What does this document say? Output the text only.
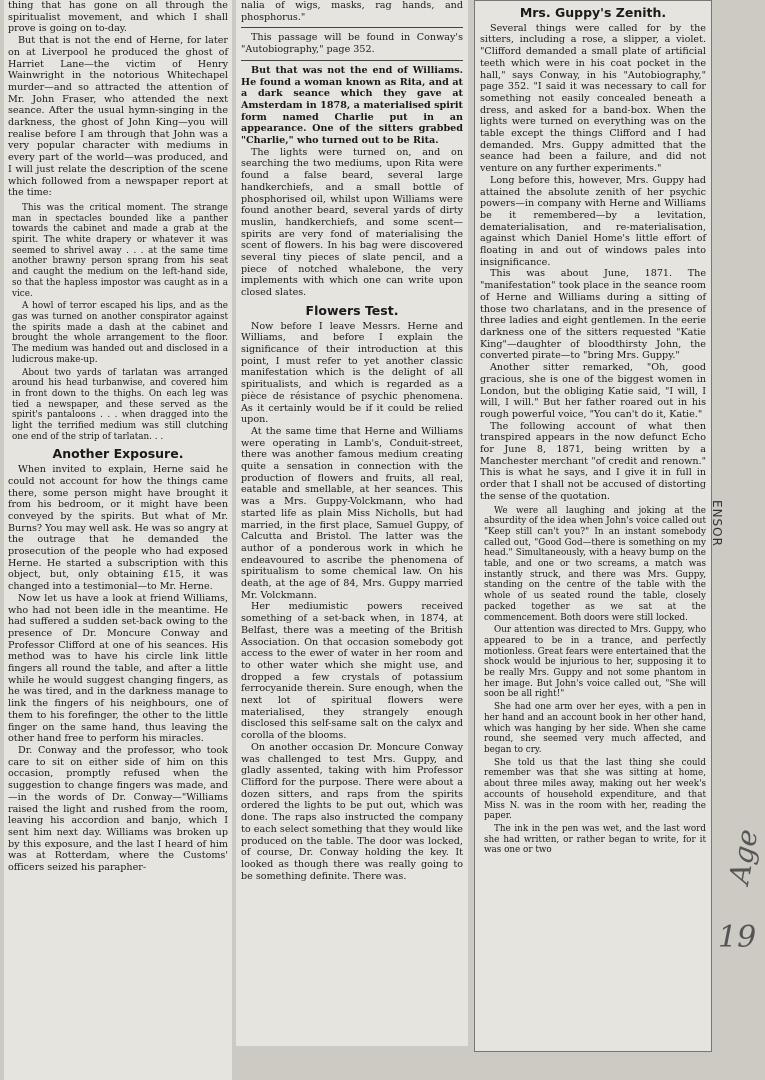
thing that has gone on all through the spiritualist movement, and which I shall prove is going on to-day.

But that is not the end of Herne, for later on at Liverpool he produced the ghost of Harriet Lane—the victim of Henry Wainwright in the notorious Whitechapel murder—and so attracted the attention of Mr. John Fraser, who attended the next seance. After the usual hymn-singing in the darkness, the ghost of John King—you will realise before I am through that John was a very popular character with mediums in every part of the world—was produced, and I will just relate the description of the scene which followed from a newspaper report at the time:

This was the critical moment. The strange man in spectacles bounded like a panther towards the cabinet and made a grab at the spirit. The white drapery or whatever it was seemed to shrivel away . . . at the same time another brawny person sprang from his seat and caught the medium on the left-hand side, so that the hapless impostor was caught as in a vice.

A howl of terror escaped his lips, and as the gas was turned on another conspirator against the spirits made a dash at the cabinet and brought the whole arrangement to the floor. The medium was handed out and disclosed in a ludicrous make-up.

About two yards of tarlatan was arranged around his head turbanwise, and covered him in front down to the thighs. On each leg was tied a newspaper, and these served as the spirit's pantaloons . . . when dragged into the light the terrified medium was still clutching one end of the strip of tarlatan. . .

Another Exposure.

When invited to explain, Herne said he could not account for how the things came there, some person might have brought it from his bedroom, or it might have been conveyed by the spirits. But what of Mr. Burns? You may well ask. He was so angry at the outrage that he demanded the prosecution of the people who had exposed Herne. He started a subscription with this object, but, only obtaining £15, it was changed into a testimonial—to Mr. Herne.

Now let us have a look at friend Williams, who had not been idle in the meantime. He had suffered a sudden set-back owing to the presence of Dr. Moncure Conway and Professor Clifford at one of his seances. His method was to have his circle link little fingers all round the table, and after a little while he would suggest changing fingers, as he was tired, and in the darkness manage to link the fingers of his neighbours, one of them to his forefinger, the other to the little finger on the same hand, thus leaving the other hand free to perform his miracles.

Dr. Conway and the professor, who took care to sit on either side of him on this occasion, promptly refused when the suggestion to change fingers was made, and—in the words of Dr. Conway—"Williams raised the light and rushed from the room, leaving his accordion and banjo, which I sent him next day. Williams was broken up by this exposure, and the last I heard of him was at Rotterdam, where the Customs' officers seized his parapher-

nalia of wigs, masks, rag hands, and phosphorus."

This passage will be found in Conway's "Autobiography," page 352.

But that was not the end of Williams. He found a woman known as Rita, and at a dark seance which they gave at Amsterdam in 1878, a materialised spirit form named Charlie put in an appearance. One of the sitters grabbed "Charlie," who turned out to be Rita.

The lights were turned on, and on searching the two mediums, upon Rita were found a false beard, several large handkerchiefs, and a small bottle of phosphorised oil, whilst upon Williams were found another beard, several yards of dirty muslin, handkerchiefs, and some scent—spirits are very fond of materialising the scent of flowers. In his bag were discovered several tiny pieces of slate pencil, and a piece of notched whalebone, the very implements with which one can write upon closed slates.

Flowers Test.

Now before I leave Messrs. Herne and Williams, and before I explain the significance of their introduction at this point, I must refer to yet another classic manifestation which is the delight of all spiritualists, and which is regarded as a pièce de résistance of psychic phenomena. As it certainly would be if it could be relied upon.

At the same time that Herne and Williams were operating in Lamb's, Conduit-street, there was another famous medium creating quite a sensation in connection with the production of flowers and fruits, all real, eatable and smellable, at her seances. This was a Mrs. Guppy-Volckmann, who had started life as plain Miss Nicholls, but had married, in the first place, Samuel Guppy, of Calcutta and Bristol. The latter was the author of a ponderous work in which he endeavoured to ascribe the phenomena of spiritualism to some chemical law. On his death, at the age of 84, Mrs. Guppy married Mr. Volckmann.

Her mediumistic powers received something of a set-back when, in 1874, at Belfast, there was a meeting of the British Association. On that occasion somebody got access to the ewer of water in her room and to other water which she might use, and dropped a few crystals of potassium ferrocyanide therein. Sure enough, when the next lot of spiritual flowers were materialised, they strangely enough disclosed this self-same salt on the calyx and corolla of the blooms.

On another occasion Dr. Moncure Conway was challenged to test Mrs. Guppy, and gladly assented, taking with him Professor Clifford for the purpose. There were about a dozen sitters, and raps from the spirits ordered the lights to be put out, which was done. The raps also instructed the company to each select something that they would like produced on the table. The door was locked, of course, Dr. Conway holding the key. It looked as though there was really going to be something definite. There was.

Mrs. Guppy's Zenith.

Several things were called for by the sitters, including a rose, a slipper, a violet. "Clifford demanded a small plate of artificial teeth which were in his coat pocket in the hall," says Conway, in his "Autobiography," page 352. "I said it was necessary to call for something not easily concealed beneath a dress, and asked for a band-box. When the lights were turned on everything was on the table except the things Clifford and I had demanded. Mrs. Guppy admitted that the seance had been a failure, and did not venture on any further experiments."

Long before this, however, Mrs. Guppy had attained the absolute zenith of her psychic powers—in company with Herne and Williams be it remembered—by a levitation, dematerialisation, and re-materialisation, against which Daniel Home's little effort of floating in and out of windows pales into insignificance.

This was about June, 1871. The "manifestation" took place in the seance room of Herne and Williams during a sitting of those two charlatans, and in the presence of three ladies and eight gentlemen. In the eerie darkness one of the sitters requested "Katie King"—daughter of bloodthirsty John, the converted pirate—to "bring Mrs. Guppy."

Another sitter remarked, "Oh, good gracious, she is one of the biggest women in London, but the obliging Katie said, "I will, I will, I will." But her father roared out in his rough powerful voice, "You can't do it, Katie."

The following account of what then transpired appears in the now defunct Echo for June 8, 1871, being written by a Manchester merchant "of credit and renown." This is what he says, and I give it in full in order that I shall not be accused of distorting the sense of the quotation.

We were all laughing and joking at the absurdity of the idea when John's voice called out "Keep still can't you?" In an instant somebody called out, "Good God—there is something on my head." Simultaneously, with a heavy bump on the table, and one or two screams, a match was instantly struck, and there was Mrs. Guppy, standing on the centre of the table with the whole of us seated round the table, closely packed together as we sat at the commencement. Both doors were still locked.

Our attention was directed to Mrs. Guppy, who appeared to be in a trance, and perfectly motionless. Great fears were entertained that the shock would be injurious to her, supposing it to be really Mrs. Guppy and not some phantom in her image. But John's voice called out, "She will soon be all right!"

She had one arm over her eyes, with a pen in her hand and an account book in her other hand, which was hanging by her side. When she came round, she seemed very much affected, and began to cry.

She told us that the last thing she could remember was that she was sitting at home, about three miles away, making out her week's accounts of household expenditure, and that Miss N. was in the room with her, reading the paper.

The ink in the pen was wet, and the last word she had written, or rather began to write, for it was one or two

ENSOR
Age
19
